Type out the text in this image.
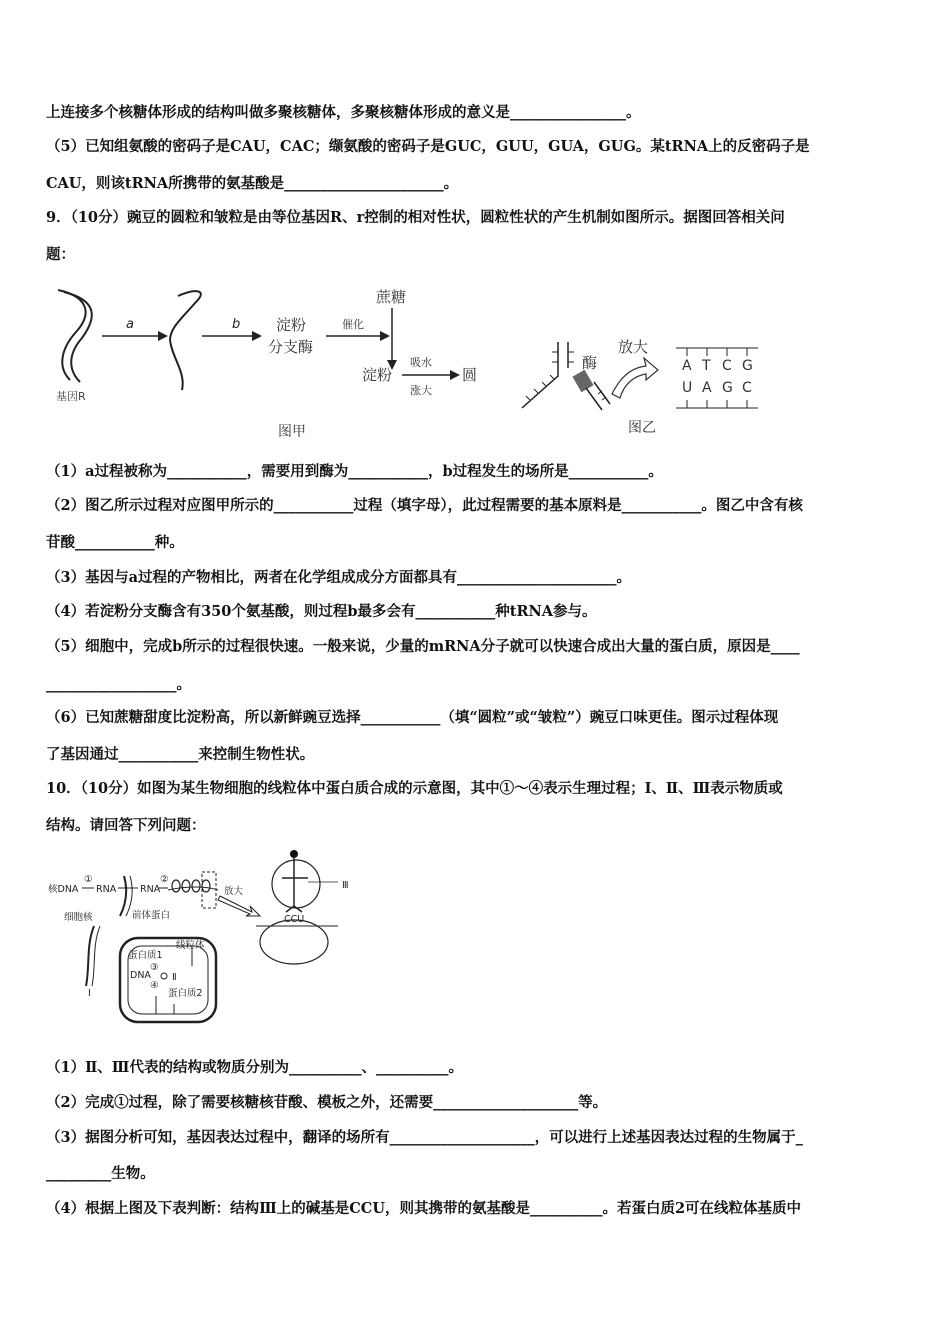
上连接多个核糖体形成的结构叫做多聚核糖体，多聚核糖体形成的意义是________________。
（5）已知组氨酸的密码子是CAU，CAC；缬氨酸的密码子是GUC，GUU，GUA，GUG。某tRNA上的反密码子是
CAU，则该tRNA所携带的氨基酸是______________________。
9．（10分）豌豆的圆粒和皱粒是由等位基因R、r控制的相对性状，圆粒性状的产生机制如图所示。据图回答相关问
题：
基因R
a	b 淀粉
分支酶
催化
蔗糖
淀粉
吸水
涨大
圆
图甲
酶
放大
A T C G
U A G C
图乙
（1）a过程被称为___________，需要用到酶为___________，b过程发生的场所是___________。
（2）图乙所示过程对应图甲所示的___________过程（填字母），此过程需要的基本原料是___________。图乙中含有核
苷酸___________种。
（3）基因与a过程的产物相比，两者在化学组成成分方面都具有______________________。
（4）若淀粉分支酶含有350个氨基酸，则过程b最多会有___________种tRNA参与。
（5）细胞中，完成b所示的过程很快速。一般来说，少量的mRNA分子就可以快速合成出大量的蛋白质，原因是____
__________________。
（6）已知蔗糖甜度比淀粉高，所以新鲜豌豆选择___________（填“圆粒”或“皱粒”）豌豆口味更佳。图示过程体现
了基因通过___________来控制生物性状。
10．（10分）如图为某生物细胞的线粒体中蛋白质合成的示意图，其中①～④表示生理过程；Ⅰ、Ⅱ、Ⅲ表示物质或
结构。请回答下列问题：
核DNA
①
RNA	RNA
②
细胞核	前体蛋白
放大
蛋白质1
线粒体
DNA
③
④
Ⅱ
蛋白质2
Ⅰ
Ⅲ
CCU
（1）Ⅱ、Ⅲ代表的结构或物质分别为__________、__________。
（2）完成①过程，除了需要核糖核苷酸、模板之外，还需要____________________等。
（3）据图分析可知，基因表达过程中，翻译的场所有____________________，可以进行上述基因表达过程的生物属于_
_________生物。
（4）根据上图及下表判断：结构Ⅲ上的碱基是CCU，则其携带的氨基酸是__________。若蛋白质2可在线粒体基质中
